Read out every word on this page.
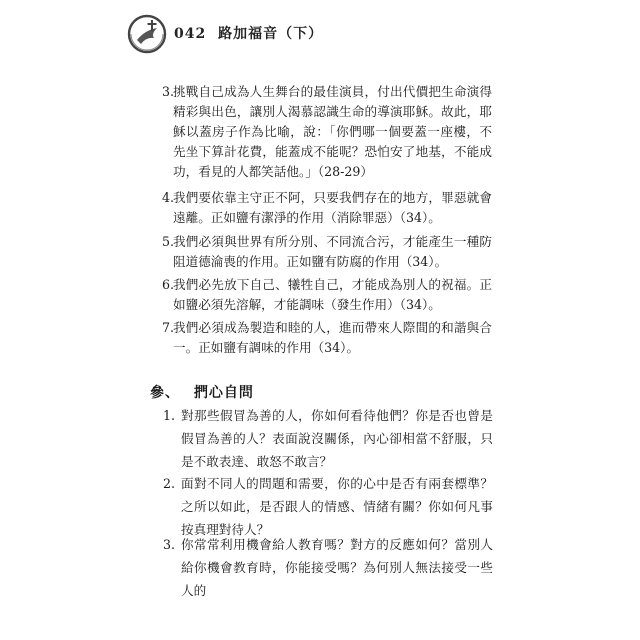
042 路加福音（下）
3.
挑戰自己成為人生舞台的最佳演員，付出代價把生命演得精彩與出色，讓別人渴慕認識生命的導演耶穌。故此，耶穌以蓋房子作為比喻，說：「你們哪一個要蓋一座樓，不先坐下算計花費，能蓋成不能呢？恐怕安了地基，不能成功，看見的人都笑話他。」（28-29）
4.
我們要依靠主守正不阿，只要我們存在的地方，罪惡就會遠離。正如鹽有潔淨的作用（消除罪惡）（34）。
5.
我們必須與世界有所分別、不同流合污，才能產生一種防阻道德淪喪的作用。正如鹽有防腐的作用（34）。
6.
我們必先放下自己、犧牲自己，才能成為別人的祝福。正如鹽必須先溶解，才能調味（發生作用）（34）。
7.
我們必須成為製造和睦的人，進而帶來人際間的和諧與合一。正如鹽有調味的作用（34）。
參、 捫心自問
1. 對那些假冒為善的人，你如何看待他們？你是否也曾是假冒為善的人？表面說沒關係，內心卻相當不舒服，只是不敢表達、敢怒不敢言？
2. 面對不同人的問題和需要，你的心中是否有兩套標準？之所以如此，是否跟人的情感、情緒有關？你如何凡事按真理對待人？
3. 你常常利用機會給人教育嗎？對方的反應如何？當別人給你機會教育時，你能接受嗎？為何別人無法接受一些人的
